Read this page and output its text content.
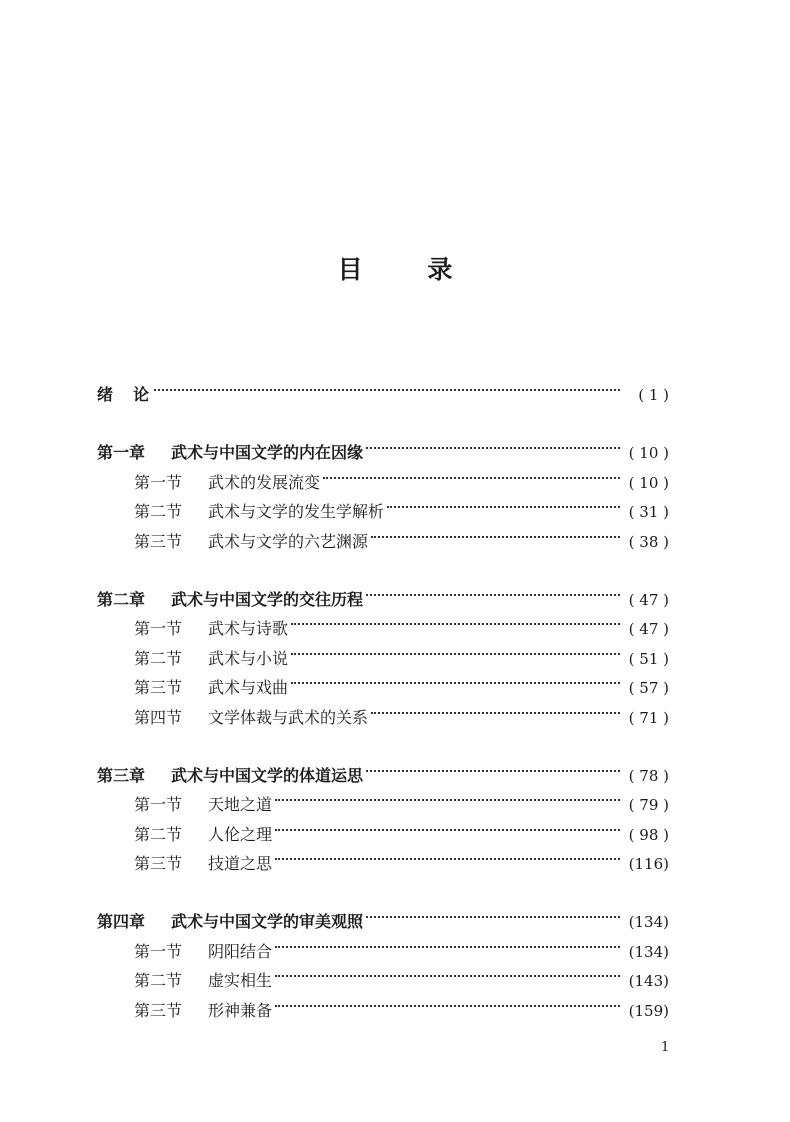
目 录
绪论	( 1 )
第一章	武术与中国文学的内在因缘	( 10 )
第一节	武术的发展流变	( 10 )
第二节	武术与文学的发生学解析	( 31 )
第三节	武术与文学的六艺渊源	( 38 )
第二章	武术与中国文学的交往历程	( 47 )
第一节	武术与诗歌	( 47 )
第二节	武术与小说	( 51 )
第三节	武术与戏曲	( 57 )
第四节	文学体裁与武术的关系	( 71 )
第三章	武术与中国文学的体道运思	( 78 )
第一节	天地之道	( 79 )
第二节	人伦之理	( 98 )
第三节	技道之思	(116)
第四章	武术与中国文学的审美观照	(134)
第一节	阴阳结合	(134)
第二节	虚实相生	(143)
第三节	形神兼备	(159)
1
